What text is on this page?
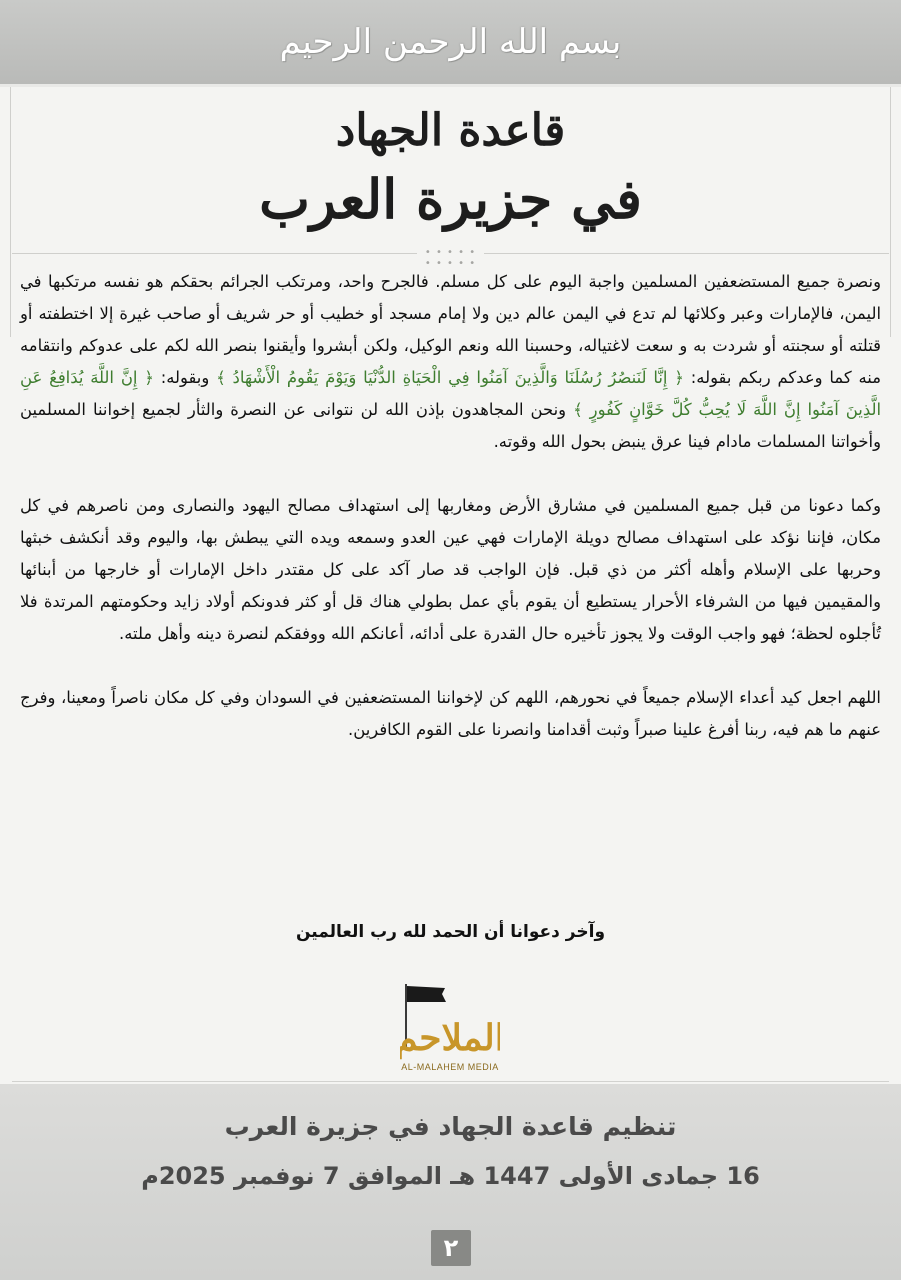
بسم الله الرحمن الرحيم
قاعدة الجهاد
في جزيرة العرب
• • • • • • • • • •

ونصرة جميع المستضعفين المسلمين واجبة اليوم على كل مسلم. فالجرح واحد، ومرتكب الجرائم بحقكم هو نفسه مرتكبها في اليمن، فالإمارات وعبر وكلائها لم تدع في اليمن عالم دين ولا إمام مسجد أو خطيب أو حر شريف أو صاحب غيرة إلا اختطفته أو قتلته أو سجنته أو شردت به و سعت لاغتياله، وحسبنا الله ونعم الوكيل، ولكن أبشروا وأيقنوا بنصر الله لكم على عدوكم وانتقامه منه كما وعدكم ربكم بقوله: ﴿ إِنَّا لَنَنصُرُ رُسُلَنَا وَالَّذِينَ آمَنُوا فِي الْحَيَاةِ الدُّنْيَا وَيَوْمَ يَقُومُ الْأَشْهَادُ ﴾ وبقوله: ﴿ إِنَّ اللَّهَ يُدَافِعُ عَنِ الَّذِينَ آمَنُوا إِنَّ اللَّهَ لَا يُحِبُّ كُلَّ خَوَّانٍ كَفُورٍ ﴾ ونحن المجاهدون بإذن الله لن نتوانى عن النصرة والثأر لجميع إخواننا المسلمين وأخواتنا المسلمات مادام فينا عرق ينبض بحول الله وقوته.

وكما دعونا من قبل جميع المسلمين في مشارق الأرض ومغاربها إلى استهداف مصالح اليهود والنصارى ومن ناصرهم في كل مكان، فإننا نؤكد على استهداف مصالح دويلة الإمارات فهي عين العدو وسمعه ويده التي يبطش بها، واليوم وقد أنكشف خبثها وحربها على الإسلام وأهله أكثر من ذي قبل. فإن الواجب قد صار آكد على كل مقتدر داخل الإمارات أو خارجها من أبنائها والمقيمين فيها من الشرفاء الأحرار يستطيع أن يقوم بأي عمل بطولي هناك قل أو كثر فدونكم أولاد زايد وحكومتهم المرتدة فلا تُأجلوه لحظة؛ فهو واجب الوقت ولا يجوز تأخيره حال القدرة على أدائه، أعانكم الله ووفقكم لنصرة دينه وأهل ملته.

اللهم اجعل كيد أعداء الإسلام جميعاً في نحورهم، اللهم كن لإخواننا المستضعفين في السودان وفي كل مكان ناصراً ومعينا، وفرج عنهم ما هم فيه، ربنا أفرغ علينا صبراً وثبت أقدامنا وانصرنا على القوم الكافرين.

وآخر دعوانا أن الحمد لله رب العالمين
الملاحم
AL-MALAHEM MEDIA
تنظيم قاعدة الجهاد في جزيرة العرب
16 جمادى الأولى 1447 هـ الموافق 7 نوفمبر 2025م
٢
